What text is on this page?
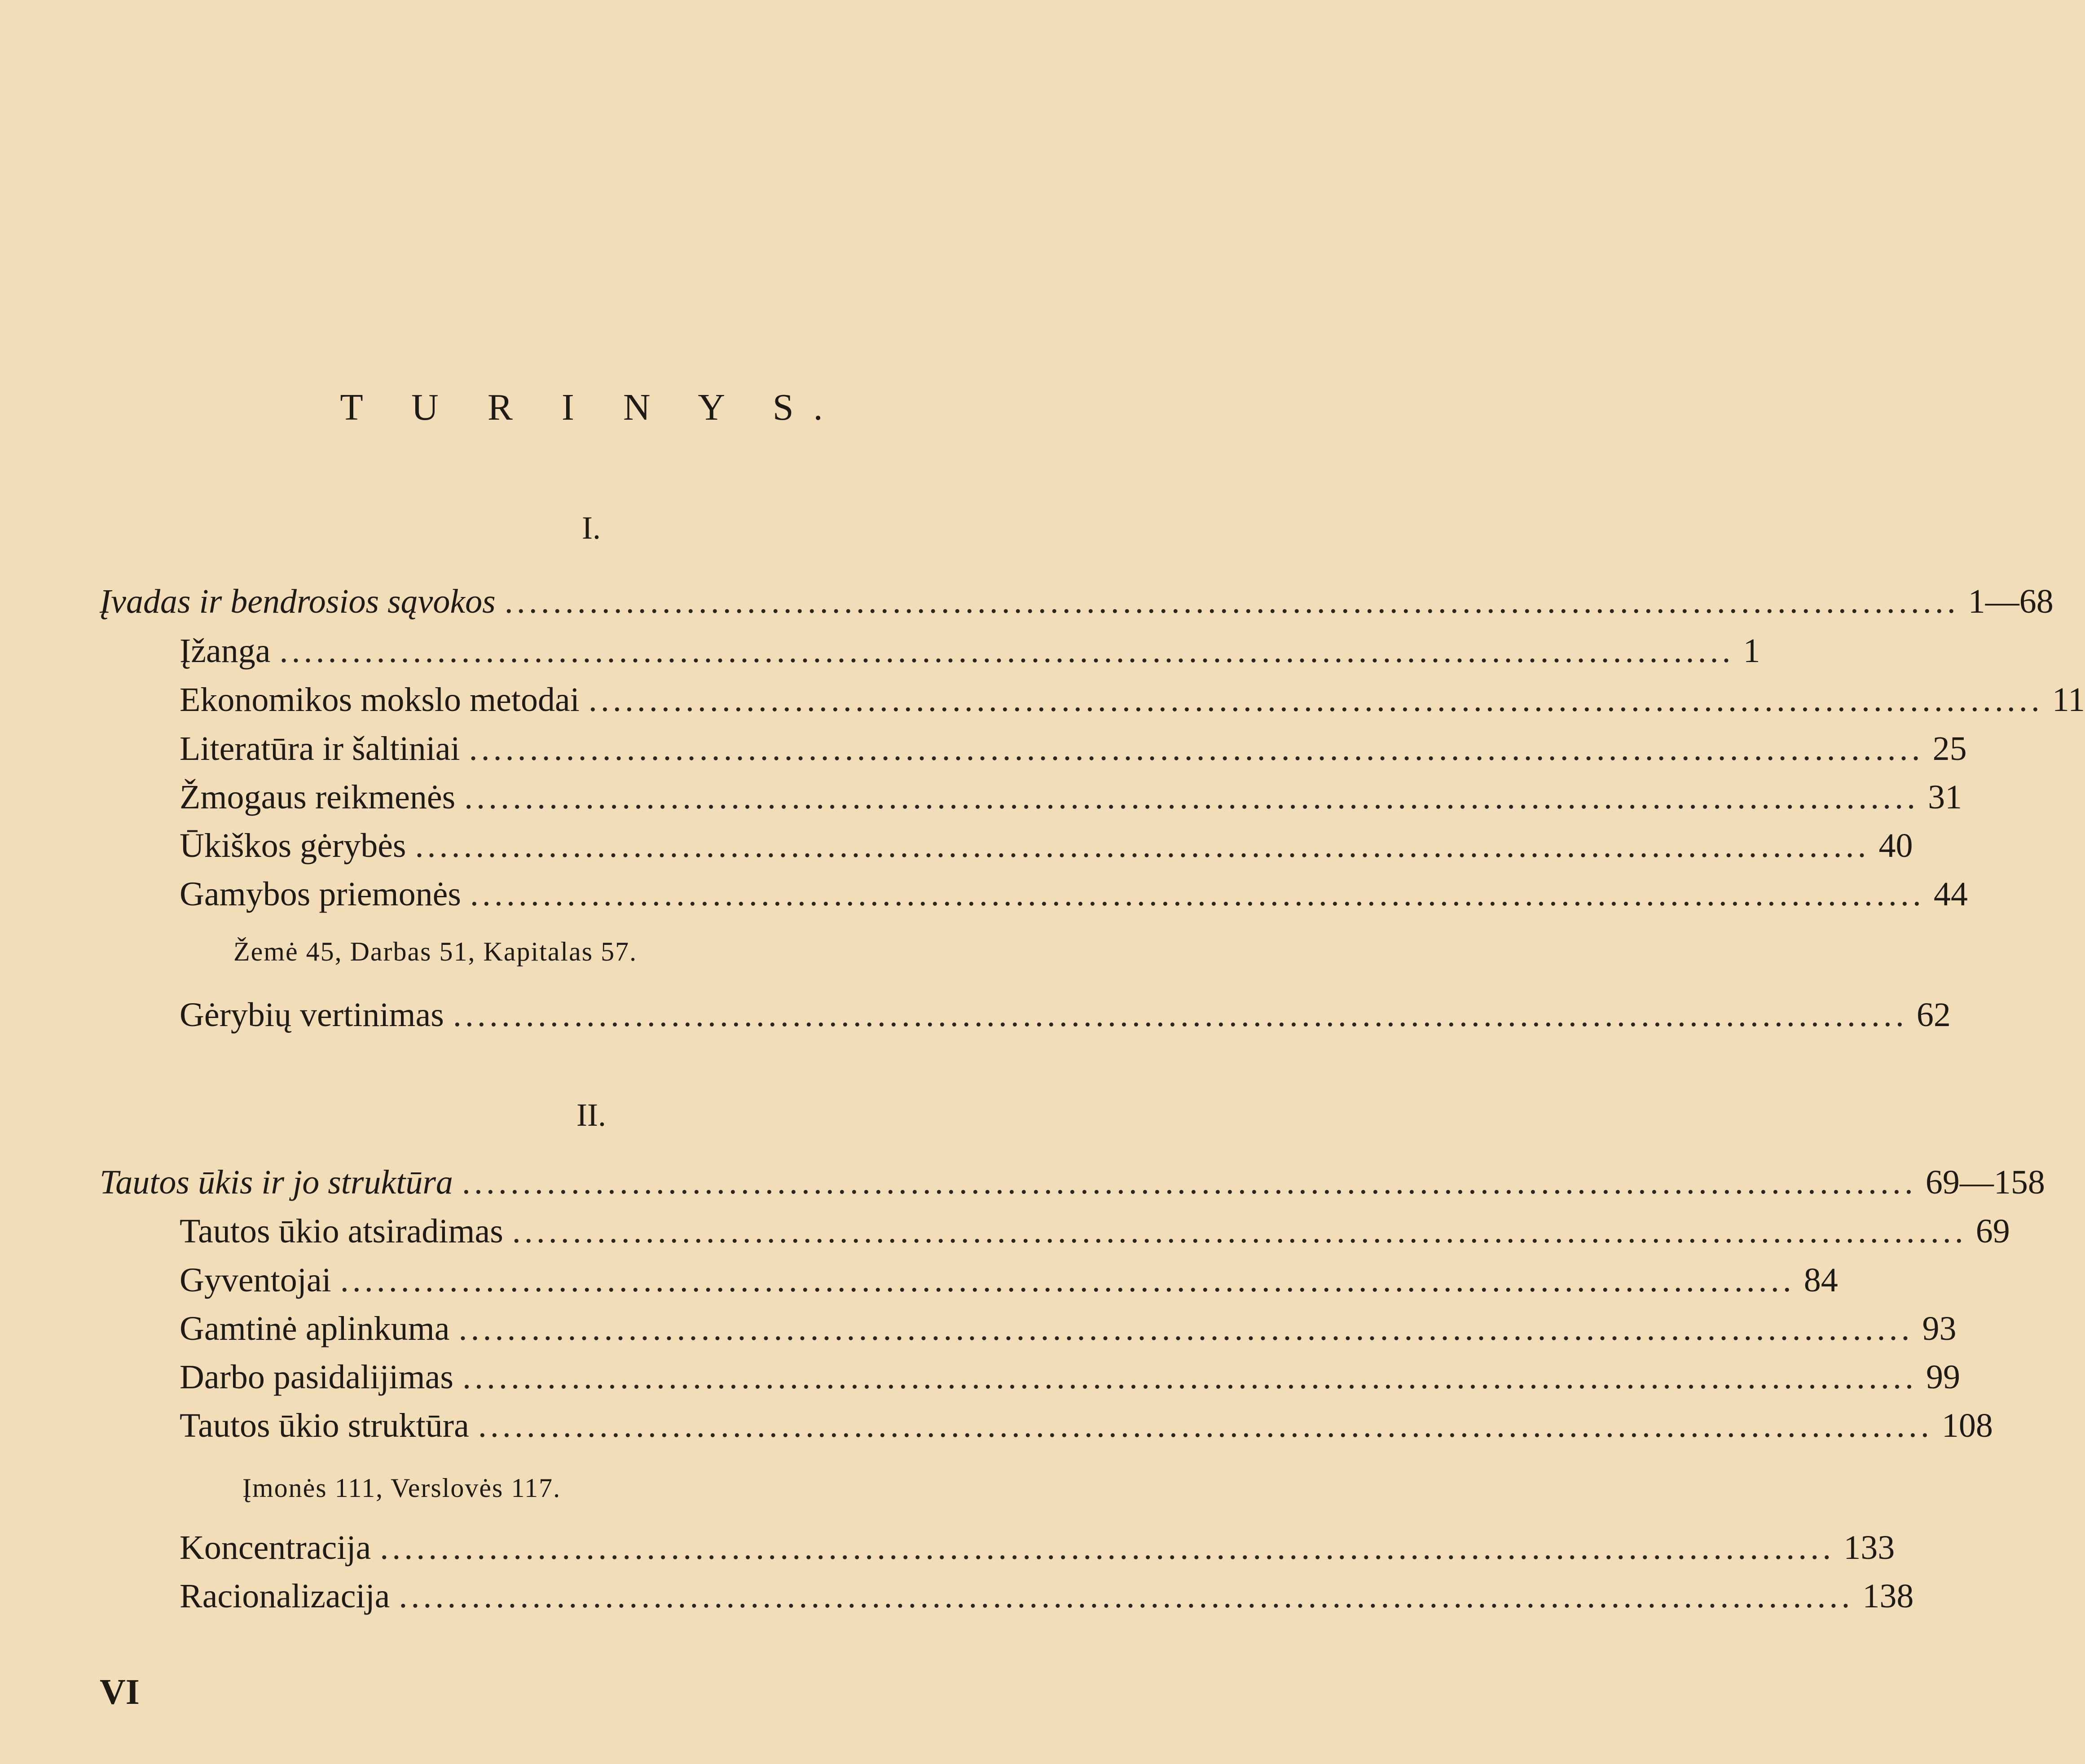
T U R I N Y S.
I.
Įvadas ir bendrosios sąvokos ........................................................................................................................ 1—68
Įžanga ........................................................................................................................ 1
Ekonomikos mokslo metodai ........................................................................................................................ 11
Literatūra ir šaltiniai ........................................................................................................................ 25
Žmogaus reikmenės ........................................................................................................................ 31
Ūkiškos gėrybės ........................................................................................................................ 40
Gamybos priemonės ........................................................................................................................ 44
Žemė 45, Darbas 51, Kapitalas 57.
Gėrybių vertinimas ........................................................................................................................ 62
II.
Tautos ūkis ir jo struktūra ........................................................................................................................ 69—158
Tautos ūkio atsiradimas ........................................................................................................................ 69
Gyventojai ........................................................................................................................ 84
Gamtinė aplinkuma ........................................................................................................................ 93
Darbo pasidalijimas ........................................................................................................................ 99
Tautos ūkio struktūra ........................................................................................................................ 108
Įmonės 111, Verslovės 117.
Koncentracija ........................................................................................................................ 133
Racionalizacija ........................................................................................................................ 138
VI
